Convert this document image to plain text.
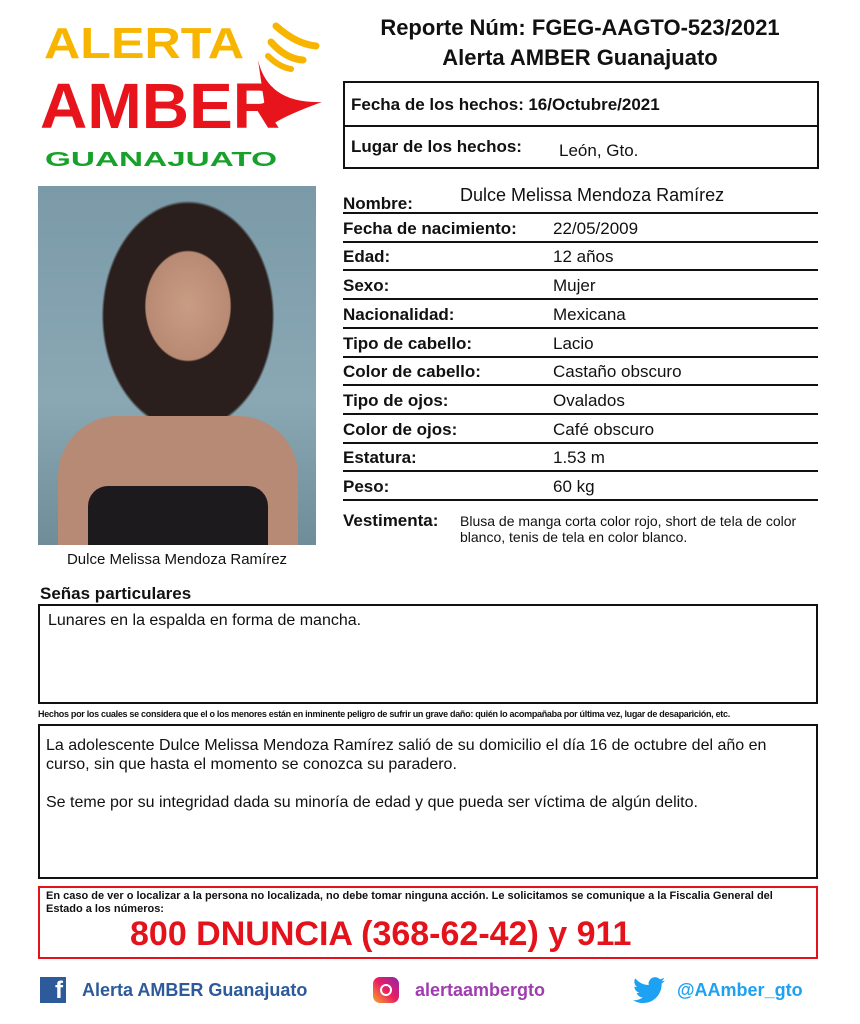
ALERTA
AMBER
GUANAJUATO
Reporte Núm: FGEG-AAGTO-523/2021
Alerta AMBER Guanajuato
Fecha de los hechos: 16/Octubre/2021
Lugar de los hechos: León, Gto.
Dulce Melissa Mendoza Ramírez
Nombre:	Dulce Melissa Mendoza Ramírez
Fecha de nacimiento: 22/05/2009
Edad:	12 años
Sexo:	Mujer
Nacionalidad:	Mexicana
Tipo de cabello:	Lacio
Color de cabello:	Castaño obscuro
Tipo de ojos:	Ovalados
Color de ojos:	Café obscuro
Estatura:	1.53 m
Peso:	60 kg
Vestimenta: Blusa de manga corta color rojo, short de tela de color blanco, tenis de tela en color blanco.
Señas particulares
Lunares en la espalda en forma de mancha.
Hechos por los cuales se considera que el o los menores están en inminente peligro de sufrir un grave daño: quién lo acompañaba por última vez, lugar de desaparición, etc.

La adolescente Dulce Melissa Mendoza Ramírez salió de su domicilio el día 16 de octubre del año en curso, sin que hasta el momento se conozca su paradero.

Se teme por su integridad dada su minoría de edad y que pueda ser víctima de algún delito.

En caso de ver o localizar a la persona no localizada, no debe tomar ninguna acción. Le solicitamos se comunique a la Fiscalia General del Estado a los números:
800 DNUNCIA (368-62-42) y 911
f Alerta AMBER Guanajuato	alertaambergto	@AAmber_gto
